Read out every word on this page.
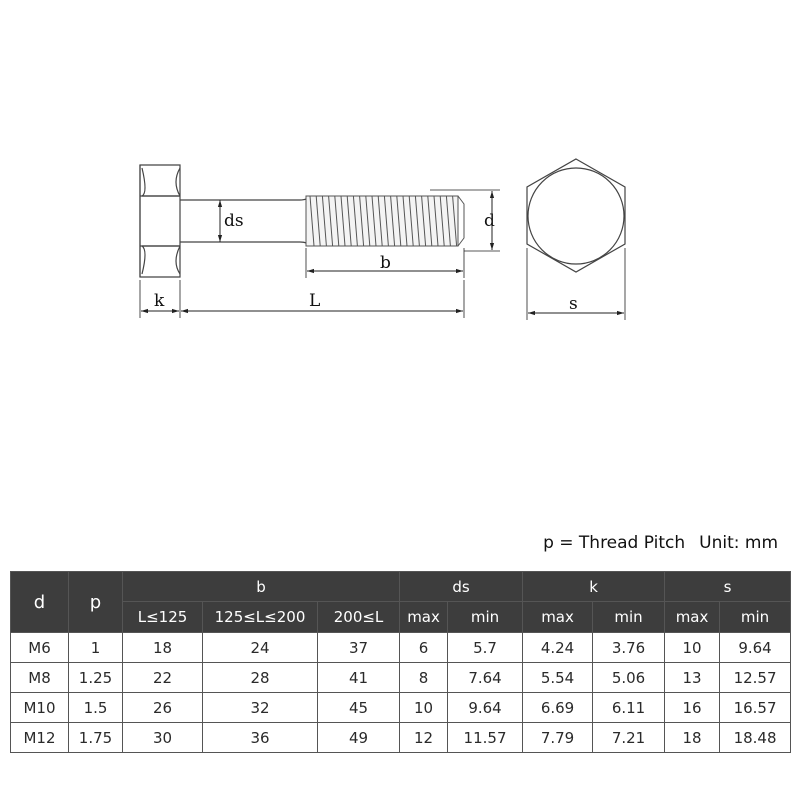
ds	d
b
k	L	s
p = Thread Pitch Unit: mm
d	p	b			ds		k		s	
		L≤125	125≤L≤200	200≤L	max	min	max	min	max	min
M6	1	18	24	37	6	5.7	4.24	3.76	10	9.64
M8	1.25	22	28	41	8	7.64	5.54	5.06	13	12.57
M10	1.5	26	32	45	10	9.64	6.69	6.11	16	16.57
M12	1.75	30	36	49	12	11.57	7.79	7.21	18	18.48
